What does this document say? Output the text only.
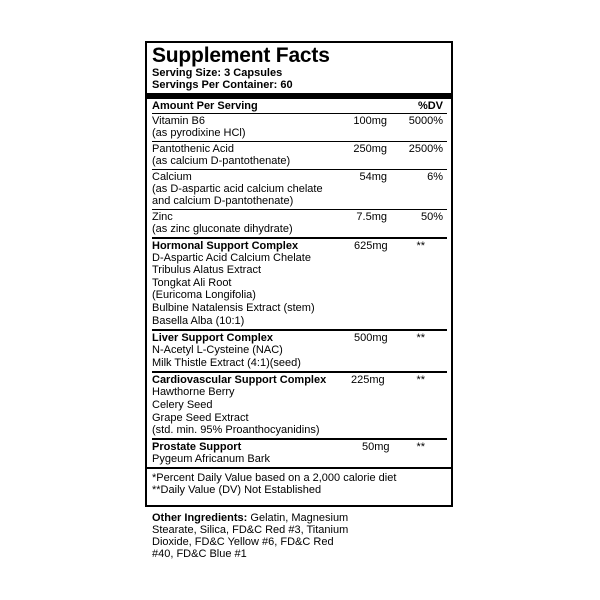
Supplement Facts
Serving Size: 3 Capsules
Servings Per Container: 60
Amount Per Serving	%DV
Vitamin B6
(as pyrodixine HCl)
100mg 5000%
Pantothenic Acid
(as calcium D-pantothenate)
250mg 2500%
Calcium
(as D-aspartic acid calcium chelate
and calcium D-pantothenate)
54mg	6%
Zinc
(as zinc gluconate dihydrate)
7.5mg	50%
Hormonal Support Complex
D-Aspartic Acid Calcium Chelate
Tribulus Alatus Extract
Tongkat Ali Root
(Euricoma Longifolia)
Bulbine Natalensis Extract (stem)
Basella Alba (10:1)
625mg	**
Liver Support Complex
N-Acetyl L-Cysteine (NAC)
Milk Thistle Extract (4:1)(seed)
500mg	**
Cardiovascular Support Complex
Hawthorne Berry
Celery Seed
Grape Seed Extract
(std. min. 95% Proanthocyanidins)
225mg	**
Prostate Support
Pygeum Africanum Bark
50mg **
*Percent Daily Value based on a 2,000 calorie diet
**Daily Value (DV) Not Established
Other Ingredients: Gelatin, Magnesium
Stearate, Silica, FD&C Red #3, Titanium
Dioxide, FD&C Yellow #6, FD&C Red
#40, FD&C Blue #1
